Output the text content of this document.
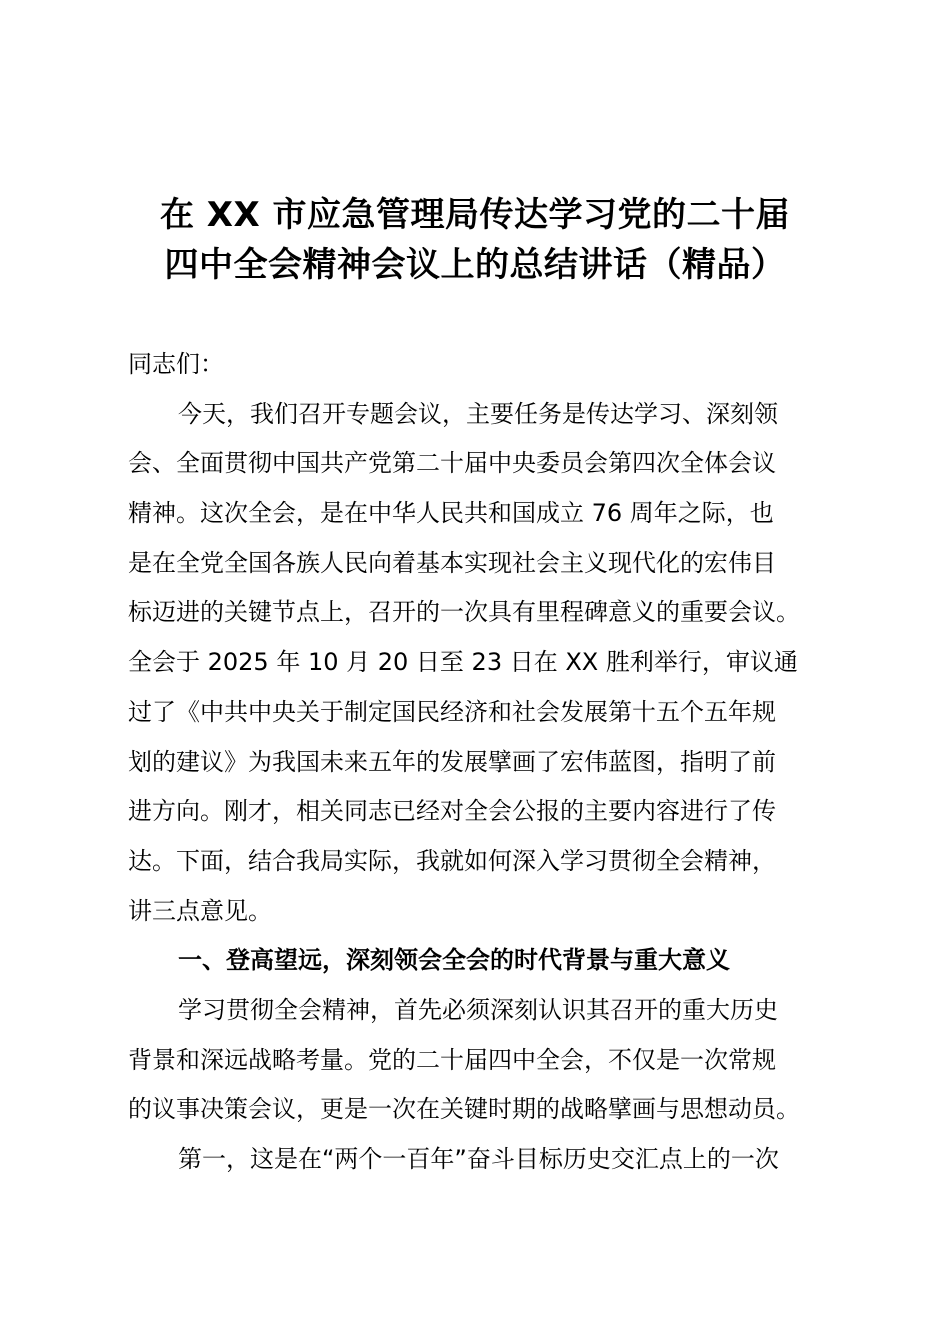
在 XX 市应急管理局传达学习党的二十届
四中全会精神会议上的总结讲话（精品）

同志们：

今天，我们召开专题会议，主要任务是传达学习、深刻领
会、全面贯彻中国共产党第二十届中央委员会第四次全体会议
精神。这次全会，是在中华人民共和国成立 76 周年之际，也
是在全党全国各族人民向着基本实现社会主义现代化的宏伟目
标迈进的关键节点上，召开的一次具有里程碑意义的重要会议。
全会于 2025 年 10 月 20 日至 23 日在 XX 胜利举行，审议通
过了《中共中央关于制定国民经济和社会发展第十五个五年规
划的建议》为我国未来五年的发展擘画了宏伟蓝图，指明了前
进方向。刚才，相关同志已经对全会公报的主要内容进行了传
达。下面，结合我局实际，我就如何深入学习贯彻全会精神，
讲三点意见。

一、登高望远，深刻领会全会的时代背景与重大意义

学习贯彻全会精神，首先必须深刻认识其召开的重大历史
背景和深远战略考量。党的二十届四中全会，不仅是一次常规
的议事决策会议，更是一次在关键时期的战略擘画与思想动员。

第一，这是在“两个一百年”奋斗目标历史交汇点上的一次
